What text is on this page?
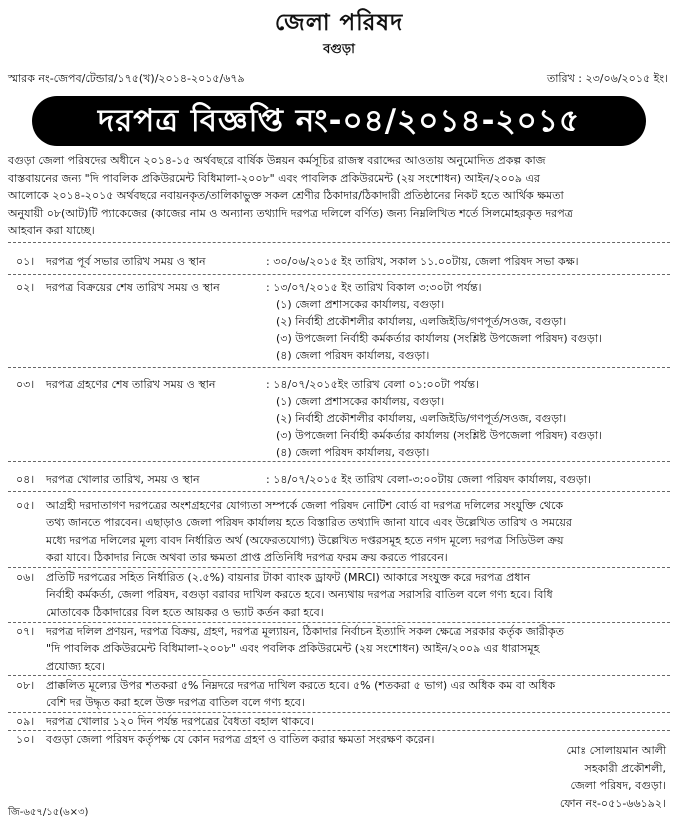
জেলা পরিষদ
বগুড়া
স্মারক নং-জেপব/টেন্ডার/১৭৫(খ)/২০১৪-২০১৫/৬৭৯	তারিখ : ২৩/০৬/২০১৫ ইং।
দরপত্র বিজ্ঞপ্তি নং-০৪/২০১৪-২০১৫
বগুড়া জেলা পরিষদের অধীনে ২০১৪-১৫ অর্থবছরে বার্ষিক উন্নয়ন কর্মসূচির রাজস্ব বরাদ্দের আওতায় অনুমোদিত প্রকল্প কাজ
বাস্তবায়নের জন্য "দি পাবলিক প্রকিউরমেন্ট বিধিমালা-২০০৮" এবং পাবলিক প্রকিউরমেন্ট (২য় সংশোধন) আইন/২০০৯ এর
আলোকে ২০১৪-২০১৫ অর্থবছরে নবায়নকৃত/তালিকাভুক্ত সকল শ্রেণীর ঠিকাদার/ঠিকাদারী প্রতিষ্ঠানের নিকট হতে আর্থিক ক্ষমতা
অনুযায়ী ০৮(আট)টি প্যাকেজের (কাজের নাম ও অন্যান্য তথ্যাদি দরপত্র দলিলে বর্ণিত) জন্য নিম্নলিখিত শর্তে সিলমোহরকৃত দরপত্র
আহবান করা যাচ্ছে।
০১। দরপত্র পূর্ব সভার তারিখ সময় ও স্থান	: ৩০/০৬/২০১৫ ইং তারিখ, সকাল ১১.০০টায়, জেলা পরিষদ সভা কক্ষ।
০২। দরপত্র বিক্রয়ের শেষ তারিখ সময় ও স্থান	: ১৩/০৭/২০১৫ ইং তারিখ বিকাল ৩:৩০টা পর্যন্ত।
(১) জেলা প্রশাসকের কার্যালয়, বগুড়া।
(২) নির্বাহী প্রকৌশলীর কার্যালয়, এলজিইডি/গণপূর্ত/সওজ, বগুড়া।
(৩) উপজেলা নির্বাহী কর্মকর্তার কার্যালয় (সংশ্লিষ্ট উপজেলা পরিষদ) বগুড়া।
(৪) জেলা পরিষদ কার্যালয়, বগুড়া।
০৩। দরপত্র গ্রহণের শেষ তারিখ সময় ও স্থান	: ১৪/০৭/২০১৫ইং তারিখ বেলা ০১:০০টা পর্যন্ত।
(১) জেলা প্রশাসকের কার্যালয়, বগুড়া।
(২) নির্বাহী প্রকৌশলীর কার্যালয়, এলজিইডি/গণপূর্ত/সওজ, বগুড়া।
(৩) উপজেলা নির্বাহী কর্মকর্তার কার্যালয় (সংশ্লিষ্ট উপজেলা পরিষদ) বগুড়া।
(৪) জেলা পরিষদ কার্যালয়, বগুড়া।
০৪। দরপত্র খোলার তারিখ, সময় ও স্থান	: ১৪/০৭/২০১৫ ইং তারিখ বেলা-৩:০০টায় জেলা পরিষদ কার্যালয়, বগুড়া।
০৫। আগ্রহী দরদাতাগণ দরপত্রের অংশগ্রহণের যোগ্যতা সম্পর্কে জেলা পরিষদ নোটিশ বোর্ড বা দরপত্র দলিলের সংযুক্তি থেকে
তথ্য জানতে পারবেন। এছাড়াও জেলা পরিষদ কার্যালয় হতে বিস্তারিত তথ্যাদি জানা যাবে এবং উল্লেখিত তারিখ ও সময়ের
মধ্যে দরপত্র দলিলের মূল্য বাবদ নির্ধারিত অর্থ (অফেরতযোগ্য) উল্লেখিত দপ্তরসমূহ হতে নগদ মূল্যে দরপত্র সিডিউল ক্রয়
করা যাবে। ঠিকাদার নিজে অথবা তার ক্ষমতা প্রাপ্ত প্রতিনিধি দরপত্র ফরম ক্রয় করতে পারবেন।
০৬। প্রতিটি দরপত্রের সহিত নির্ধারিত (২.৫%) বায়নার টাকা ব্যাংক ড্রাফট (MRCI) আকারে সংযুক্ত করে দরপত্র প্রধান
নির্বাহী কর্মকর্তা, জেলা পরিষদ, বগুড়া বরাবর দাখিল করতে হবে। অন্যথায় দরপত্র সরাসরি বাতিল বলে গণ্য হবে। বিধি
মোতাবেক ঠিকাদারের বিল হতে আয়কর ও ভ্যাট কর্তন করা হবে।
০৭। দরপত্র দলিল প্রণয়ন, দরপত্র বিক্রয়, গ্রহণ, দরপত্র মূল্যায়ন, ঠিকাদার নির্বাচন ইত্যাদি সকল ক্ষেত্রে সরকার কর্তৃক জারীকৃত
"দি পাবলিক প্রকিউরমেন্ট বিধিমালা-২০০৮" এবং পবলিক প্রকিউরমেন্ট (২য় সংশোধন) আইন/২০০৯ এর ধারাসমূহ
প্রযোজ্য হবে।
০৮। প্রাক্কলিত মূল্যের উপর শতকরা ৫% নিম্নদরে দরপত্র দাখিল করতে হবে। ৫% (শতকরা ৫ ভাগ) এর অধিক কম বা অধিক
বেশি দর উদ্ধৃত করা হলে উক্ত দরপত্র বাতিল বলে গণ্য হবে।
০৯। দরপত্র খোলার ১২০ দিন পর্যন্ত দরপত্রের বৈধতা বহাল থাকবে।
১০। বগুড়া জেলা পরিষদ কর্তৃপক্ষ যে কোন দরপত্র গ্রহণ ও বাতিল করার ক্ষমতা সংরক্ষণ করেন।
মোঃ সোলায়মান আলী
সহকারী প্রকৌশলী,
জেলা পরিষদ, বগুড়া।
ফোন নং-০৫১-৬৬১৯২।
জি-৬৫৭/১৫(৬×৩)
